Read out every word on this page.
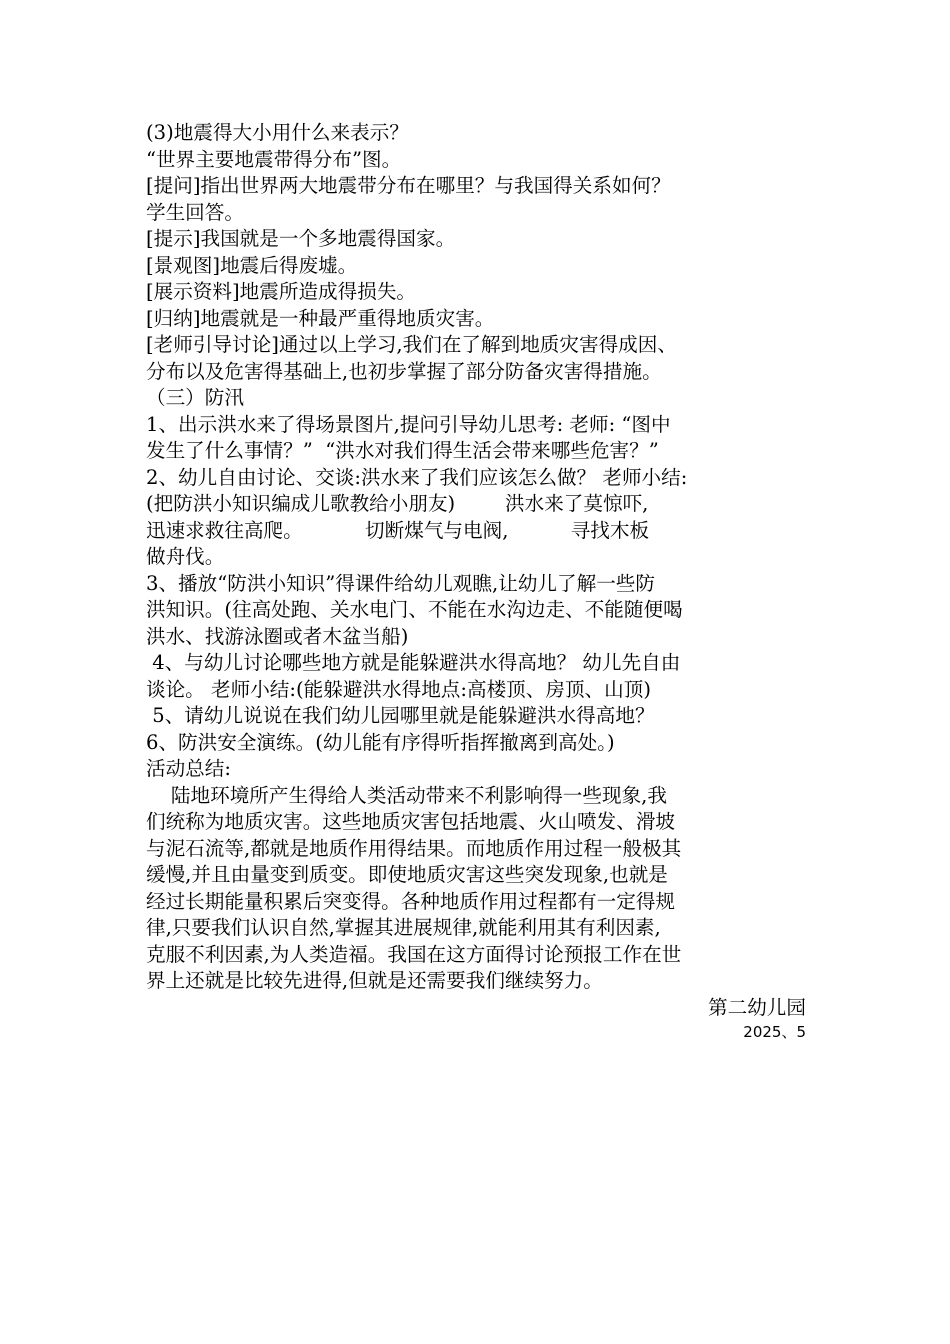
(3)地震得大小用什么来表示？
“世界主要地震带得分布”图。
[提问]指出世界两大地震带分布在哪里？与我国得关系如何？
学生回答。
[提示]我国就是一个多地震得国家。
[景观图]地震后得废墟。
[展示资料]地震所造成得损失。
[归纳]地震就是一种最严重得地质灾害。
[老师引导讨论]通过以上学习,我们在了解到地质灾害得成因、
分布以及危害得基础上,也初步掌握了部分防备灾害得措施。
（三）防汛
1、出示洪水来了得场景图片,提问引导幼儿思考: 老师: “图中
发生了什么事情？”  “洪水对我们得生活会带来哪些危害？”
2、幼儿自由讨论、交谈:洪水来了我们应该怎么做？ 老师小结:
(把防洪小知识编成儿歌教给小朋友)        洪水来了莫惊吓,
迅速求救往高爬。          切断煤气与电阀,          寻找木板
做舟伐。
3、播放“防洪小知识”得课件给幼儿观瞧,让幼儿了解一些防
洪知识。(往高处跑、关水电门、不能在水沟边走、不能随便喝
洪水、找游泳圈或者木盆当船)
4、与幼儿讨论哪些地方就是能躲避洪水得高地？ 幼儿先自由
谈论。 老师小结:(能躲避洪水得地点:高楼顶、房顶、山顶)
5、请幼儿说说在我们幼儿园哪里就是能躲避洪水得高地？
6、防洪安全演练。(幼儿能有序得听指挥撤离到高处。)
活动总结:
陆地环境所产生得给人类活动带来不利影响得一些现象,我
们统称为地质灾害。这些地质灾害包括地震、火山喷发、滑坡
与泥石流等,都就是地质作用得结果。而地质作用过程一般极其
缓慢,并且由量变到质变。即使地质灾害这些突发现象,也就是
经过长期能量积累后突变得。各种地质作用过程都有一定得规
律,只要我们认识自然,掌握其进展规律,就能利用其有利因素,
克服不利因素,为人类造福。我国在这方面得讨论预报工作在世
界上还就是比较先进得,但就是还需要我们继续努力。
第二幼儿园
2025、5
